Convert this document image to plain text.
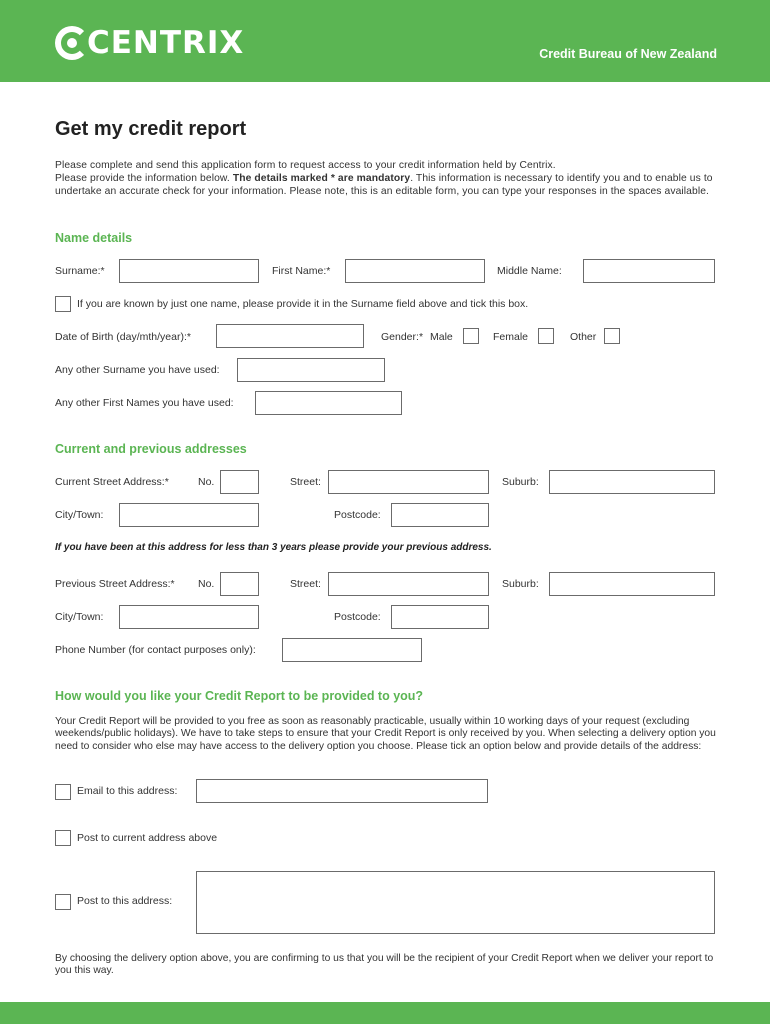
CENTRIX	Credit Bureau of New Zealand
Get my credit report
Please complete and send this application form to request access to your credit information held by Centrix.
Please provide the information below. The details marked * are mandatory. This information is necessary to identify you and to enable us to undertake an accurate check for your information. Please note, this is an editable form, you can type your responses in the spaces available.
Name details
Surname:*	First Name:*	Middle Name:
If you are known by just one name, please provide it in the Surname field above and tick this box.
Date of Birth (day/mth/year):*	Gender:* Male	Female	Other
Any other Surname you have used:
Any other First Names you have used:
Current and previous addresses
Current Street Address:*	No.	Street:	Suburb:
City/Town:	Postcode:
If you have been at this address for less than 3 years please provide your previous address.
Previous Street Address:* No.	Street:	Suburb:
City/Town:	Postcode:
Phone Number (for contact purposes only):
How would you like your Credit Report to be provided to you?
Your Credit Report will be provided to you free as soon as reasonably practicable, usually within 10 working days of your request (excluding weekends/public holidays). We have to take steps to ensure that your Credit Report is only received by you. When selecting a delivery option you need to consider who else may have access to the delivery option you choose. Please tick an option below and provide details of the address:
Email to this address:
Post to current address above
Post to this address:
By choosing the delivery option above, you are confirming to us that you will be the recipient of your Credit Report when we deliver your report to you this way.
